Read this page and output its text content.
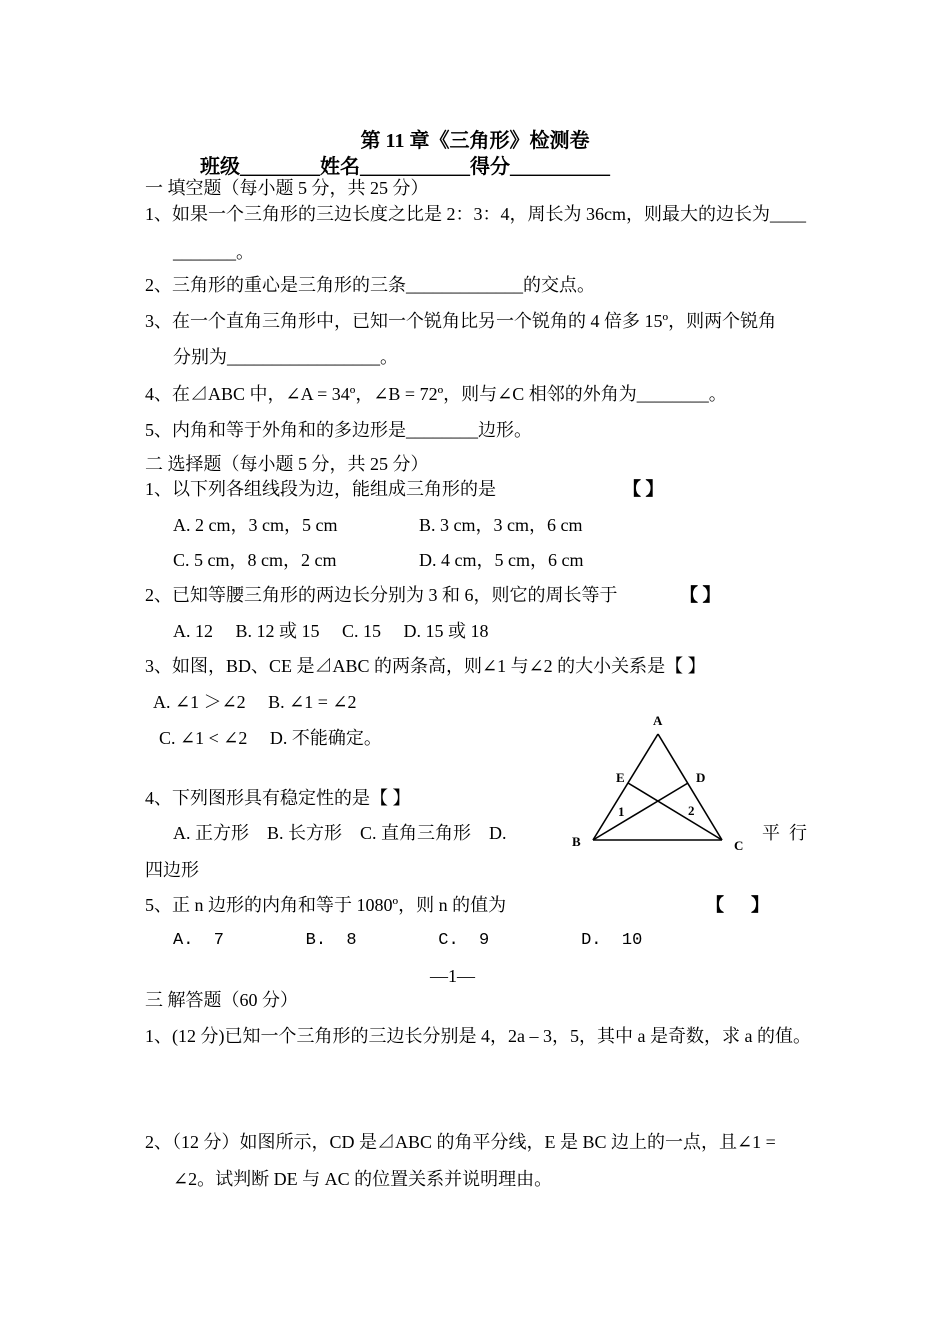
第 11 章《三角形》检测卷
班级________姓名___________得分__________
一 填空题（每小题 5 分，共 25 分）
1、如果一个三角形的三边长度之比是 2：3：4，周长为 36cm，则最大的边长为____
_______。
2、三角形的重心是三角形的三条_____________的交点。
3、在一个直角三角形中，已知一个锐角比另一个锐角的 4 倍多 15º，则两个锐角
分别为_________________。
4、在⊿ABC 中，∠A = 34º，∠B = 72º，则与∠C 相邻的外角为________。
5、内角和等于外角和的多边形是________边形。
二 选择题（每小题 5 分，共 25 分）
1、以下列各组线段为边，能组成三角形的是	【 】
A. 2 cm，3 cm，5 cm	B. 3 cm，3 cm，6 cm
C. 5 cm，8 cm，2 cm	D. 4 cm，5 cm，6 cm
2、已知等腰三角形的两边长分别为 3 和 6，则它的周长等于	【 】
A. 12     B. 12 或 15     C. 15     D. 15 或 18
3、如图，BD、CE 是⊿ABC 的两条高，则∠1 与∠2 的大小关系是【 】
A. ∠1 ＞∠2     B. ∠1 = ∠2
C. ∠1 < ∠2     D. 不能确定。
4、下列图形具有稳定性的是【 】
A. 正方形    B. 长方形    C. 直角三角形    D.	平  行
四边形
5、正 n 边形的内角和等于 1080º，则 n 的值为	【      】
A.  7        B.  8        C.  9         D.  10
A
B	C
D
E
1	2
—1—
三 解答题（60 分）
1、(12 分)已知一个三角形的三边长分别是 4，2a – 3，5，其中 a 是奇数，求 a 的值。
2、（12 分）如图所示，CD 是⊿ABC 的角平分线，E 是 BC 边上的一点，且∠1 =
∠2。试判断 DE 与 AC 的位置关系并说明理由。
